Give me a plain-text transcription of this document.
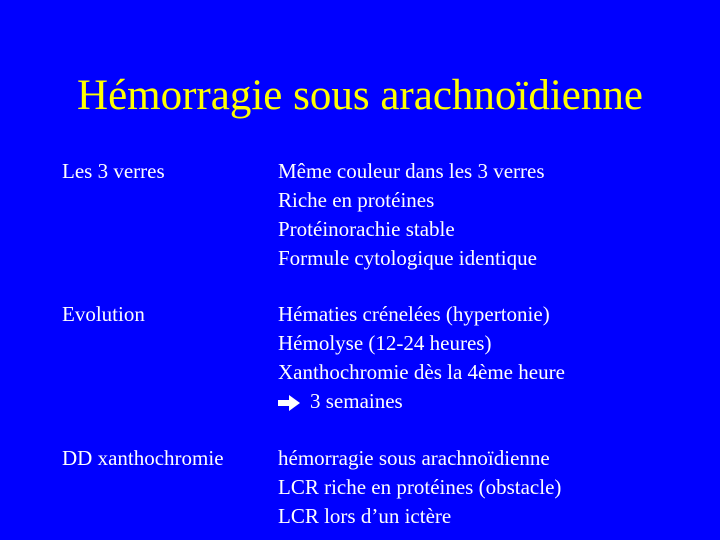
Hémorragie sous arachnoïdienne
Les 3 verres	Même couleur dans les 3 verres
Riche en protéines
Protéinorachie stable
Formule cytologique identique
Evolution	Hématies crénelées (hypertonie)
Hémolyse (12-24 heures)
Xanthochromie dès la 4ème heure
3 semaines
DD xanthochromie	hémorragie sous arachnoïdienne
LCR riche en protéines (obstacle)
LCR lors d’un ictère
